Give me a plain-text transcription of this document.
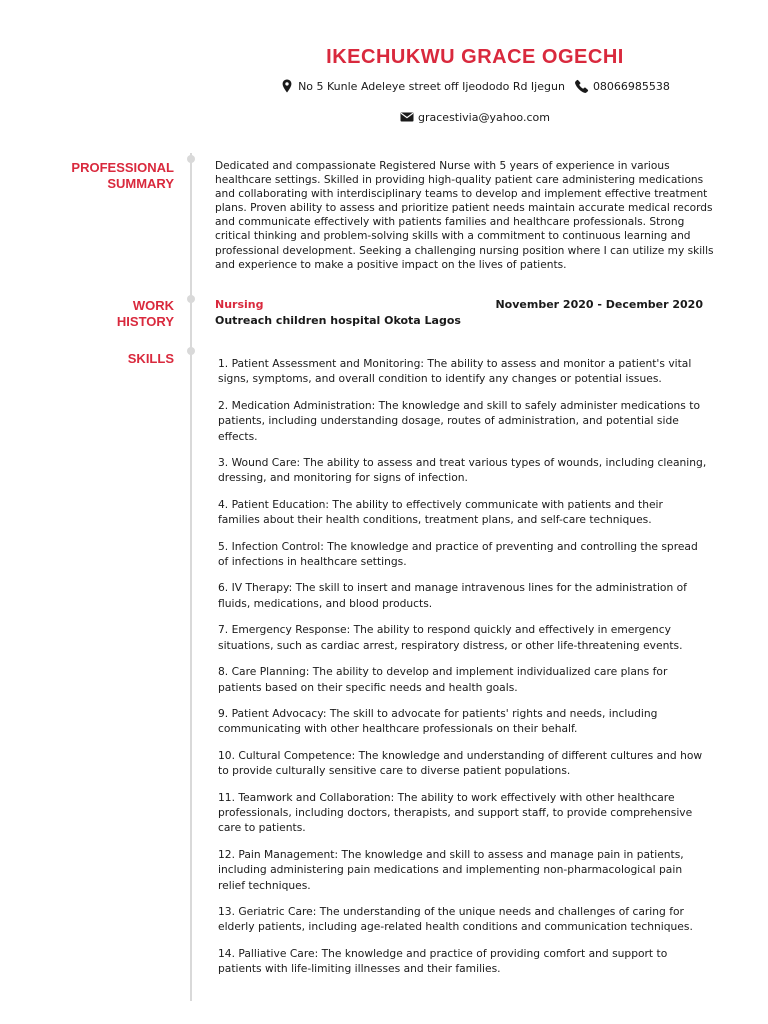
IKECHUKWU GRACE OGECHI
No 5 Kunle Adeleye street off Ijeododo Rd Ijegun	08066985538
gracestivia@yahoo.com
PROFESSIONAL
SUMMARY
Dedicated and compassionate Registered Nurse with 5 years of experience in various healthcare settings. Skilled in providing high-quality patient care administering medications and collaborating with interdisciplinary teams to develop and implement effective treatment plans. Proven ability to assess and prioritize patient needs maintain accurate medical records and communicate effectively with patients families and healthcare professionals. Strong critical thinking and problem-solving skills with a commitment to continuous learning and professional development. Seeking a challenging nursing position where I can utilize my skills and experience to make a positive impact on the lives of patients.
WORK
HISTORY
Nursing	November 2020 - December 2020
Outreach children hospital Okota Lagos
SKILLS	1. Patient Assessment and Monitoring: The ability to assess and monitor a patient's vital signs, symptoms, and overall condition to identify any changes or potential issues.
2. Medication Administration: The knowledge and skill to safely administer medications to patients, including understanding dosage, routes of administration, and potential side effects.
3. Wound Care: The ability to assess and treat various types of wounds, including cleaning, dressing, and monitoring for signs of infection.
4. Patient Education: The ability to effectively communicate with patients and their families about their health conditions, treatment plans, and self-care techniques.
5. Infection Control: The knowledge and practice of preventing and controlling the spread of infections in healthcare settings.
6. IV Therapy: The skill to insert and manage intravenous lines for the administration of fluids, medications, and blood products.
7. Emergency Response: The ability to respond quickly and effectively in emergency situations, such as cardiac arrest, respiratory distress, or other life-threatening events.
8. Care Planning: The ability to develop and implement individualized care plans for patients based on their specific needs and health goals.
9. Patient Advocacy: The skill to advocate for patients' rights and needs, including communicating with other healthcare professionals on their behalf.
10. Cultural Competence: The knowledge and understanding of different cultures and how to provide culturally sensitive care to diverse patient populations.
11. Teamwork and Collaboration: The ability to work effectively with other healthcare professionals, including doctors, therapists, and support staff, to provide comprehensive care to patients.
12. Pain Management: The knowledge and skill to assess and manage pain in patients, including administering pain medications and implementing non-pharmacological pain relief techniques.
13. Geriatric Care: The understanding of the unique needs and challenges of caring for elderly patients, including age-related health conditions and communication techniques.
14. Palliative Care: The knowledge and practice of providing comfort and support to patients with life-limiting illnesses and their families.
